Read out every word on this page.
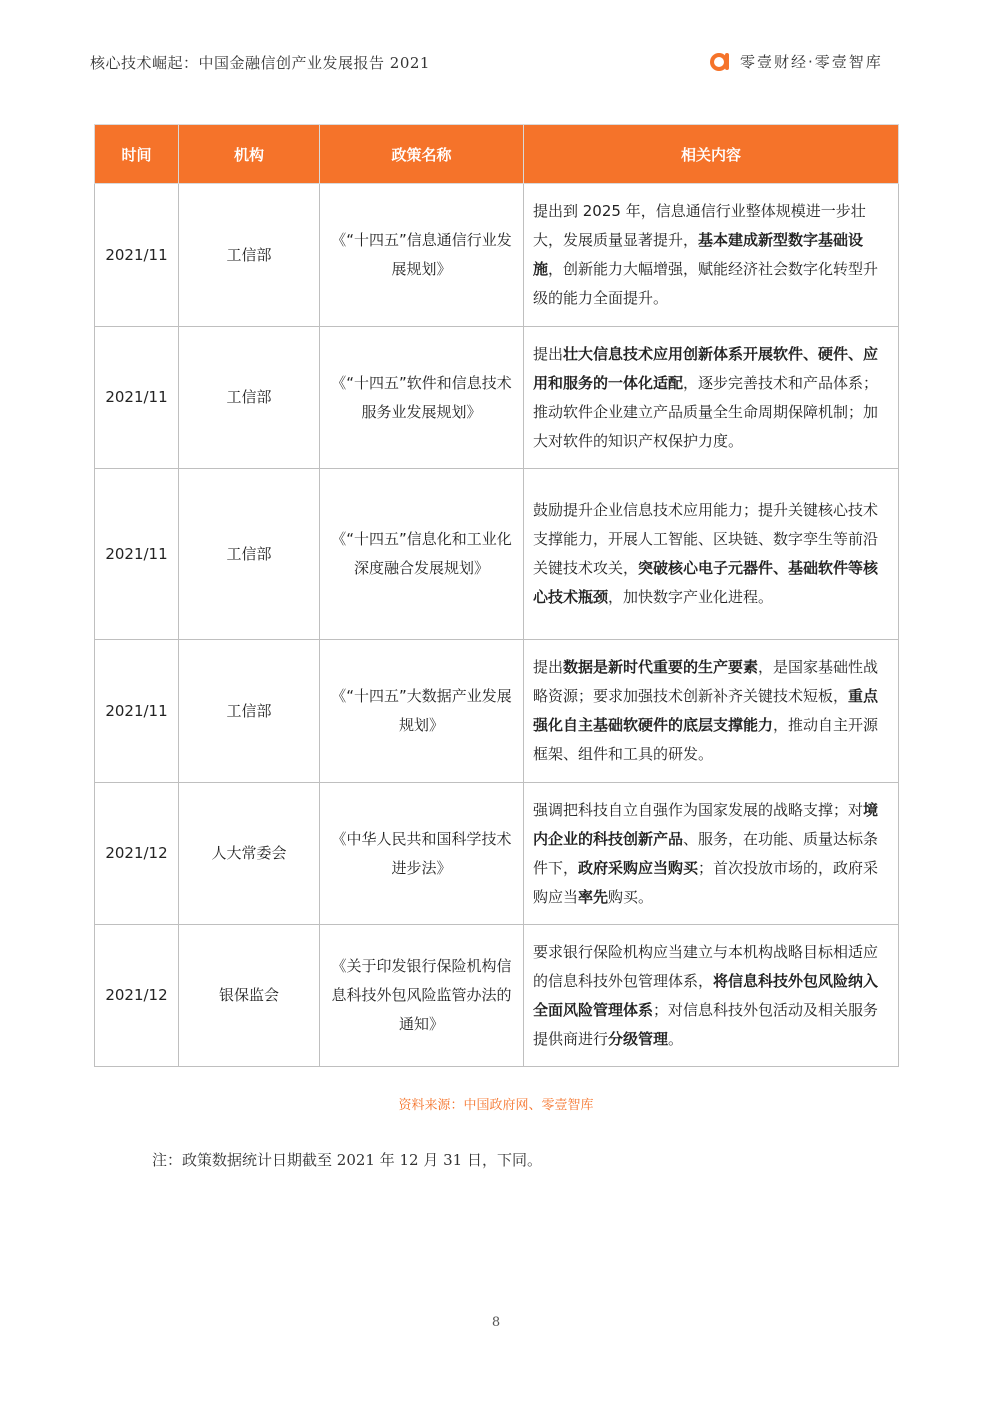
核心技术崛起：中国金融信创产业发展报告 2021	零壹财经·零壹智库
时间	机构	政策名称	相关内容
2021/11	工信部	《“十四五”信息通信行业发展规划》	提出到 2025 年，信息通信行业整体规模进一步壮大，发展质量显著提升，基本建成新型数字基础设施，创新能力大幅增强，赋能经济社会数字化转型升级的能力全面提升。

2021/11	工信部	《“十四五”软件和信息技术服务业发展规划》	提出壮大信息技术应用创新体系开展软件、硬件、应用和服务的一体化适配，逐步完善技术和产品体系；推动软件企业建立产品质量全生命周期保障机制；加大对软件的知识产权保护力度。

2021/11	工信部	《“十四五”信息化和工业化深度融合发展规划》	鼓励提升企业信息技术应用能力；提升关键核心技术支撑能力，开展人工智能、区块链、数字孪生等前沿关键技术攻关，突破核心电子元器件、基础软件等核心技术瓶颈，加快数字产业化进程。

2021/11	工信部	《“十四五”大数据产业发展规划》	提出数据是新时代重要的生产要素，是国家基础性战略资源；要求加强技术创新补齐关键技术短板，重点强化自主基础软硬件的底层支撑能力，推动自主开源框架、组件和工具的研发。

2021/12	人大常委会	《中华人民共和国科学技术进步法》	强调把科技自立自强作为国家发展的战略支撑；对境内企业的科技创新产品、服务，在功能、质量达标条件下，政府采购应当购买；首次投放市场的，政府采购应当率先购买。

2021/12	银保监会	《关于印发银行保险机构信息科技外包风险监管办法的通知》	要求银行保险机构应当建立与本机构战略目标相适应的信息科技外包管理体系，将信息科技外包风险纳入全面风险管理体系；对信息科技外包活动及相关服务提供商进行分级管理。
资料来源：中国政府网、零壹智库
注：政策数据统计日期截至 2021 年 12 月 31 日，下同。
8
